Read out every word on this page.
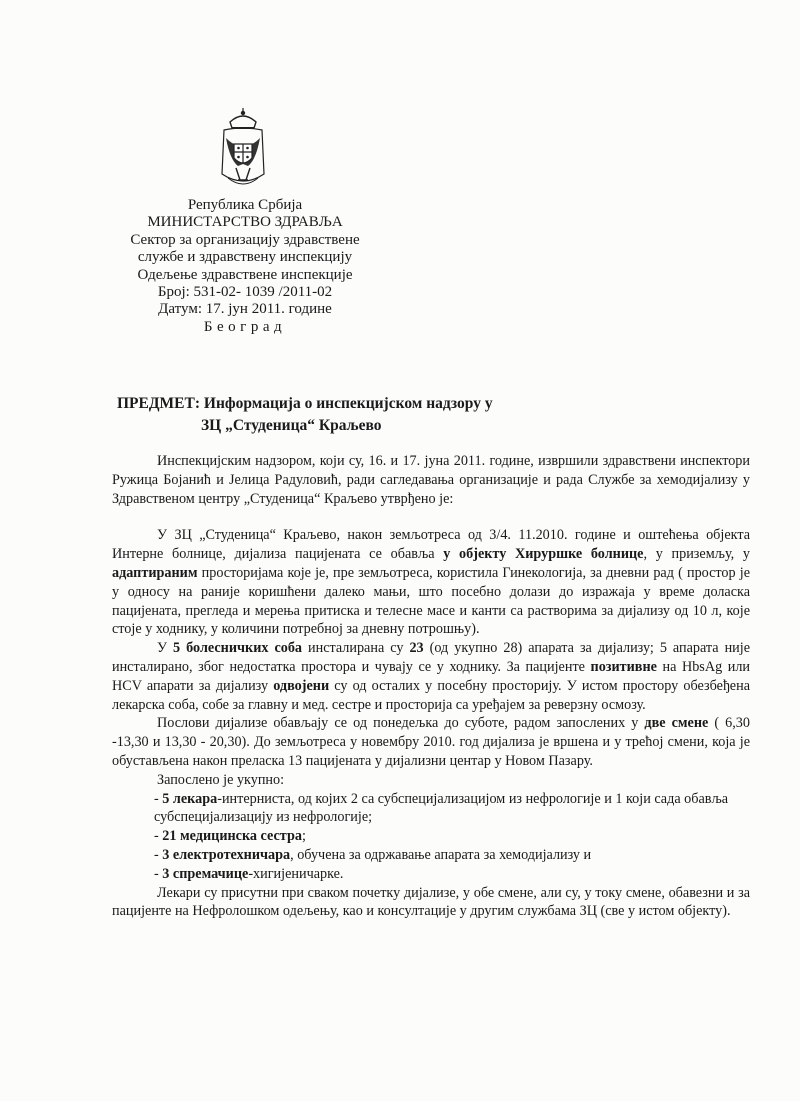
Република Србија
МИНИСТАРСТВО ЗДРАВЉА
Сектор за организацију здравствене
службе и здравствену инспекцију
Одељење здравствене инспекције
Број: 531-02- 1039 /2011-02
Датум: 17. јун 2011. године
Београд
ПРЕДМЕТ: Информација о инспекцијском надзору у
ЗЦ „Студеница“ Краљево

Инспекцијским надзором, који су, 16. и 17. јуна 2011. године, извршили здравствени инспектори Ружица Бојанић и Јелица Радуловић, ради сагледавања организације и рада Службе за хемодијализу у Здравственом центру „Студеница“ Краљево утврђено је:

У ЗЦ „Студеница“ Краљево, након земљотреса од 3/4. 11.2010. године и оштећења објекта Интерне болнице, дијализа пацијената се обавља у објекту Хируршке болнице, у приземљу, у адаптираним просторијама које је, пре земљотреса, користила Гинекологија, за дневни рад ( простор је у односу на раније коришћени далеко мањи, што посебно долази до изражаја у време доласка пацијената, прегледа и мерења притиска и телесне масе и канти са растворима за дијализу од 10 л, које стоје у ходнику, у количини потребној за дневну потрошњу).

У 5 болесничких соба инсталирана су 23 (од укупно 28) апарата за дијализу; 5 апарата није инсталирано, због недостатка простора и чувају се у ходнику. За пацијенте позитивне на HbsAg или HCV апарати за дијализу одвојени су од осталих у посебну просторију. У истом простору обезбеђена лекарска соба, собе за главну и мед. сестре и просторија са уређајем за реверзну осмозу.

Послови дијализе обављају се од понедељка до суботе, радом запослених у две смене ( 6,30 -13,30 и 13,30 - 20,30). До земљотреса у новембру 2010. год дијализа је вршена и у трећој смени, која је обустављена након преласка 13 пацијената у дијализни центар у Новом Пазару.

Запослено је укупно:

- 5 лекара-интерниста, од којих 2 са субспецијализацијом из нефрологије и 1 који сада обавља субспецијализацију из нефрологије;

- 21 медицинска сестра;

- 3 електротехничара, обучена за одржавање апарата за хемодијализу и

- 3 спремачице-хигијеничарке.

Лекари су присутни при сваком почетку дијализе, у обе смене, али су, у току смене, обавезни и за пацијенте на Нефролошком одељењу, као и консултације у другим службама ЗЦ (све у истом објекту).
